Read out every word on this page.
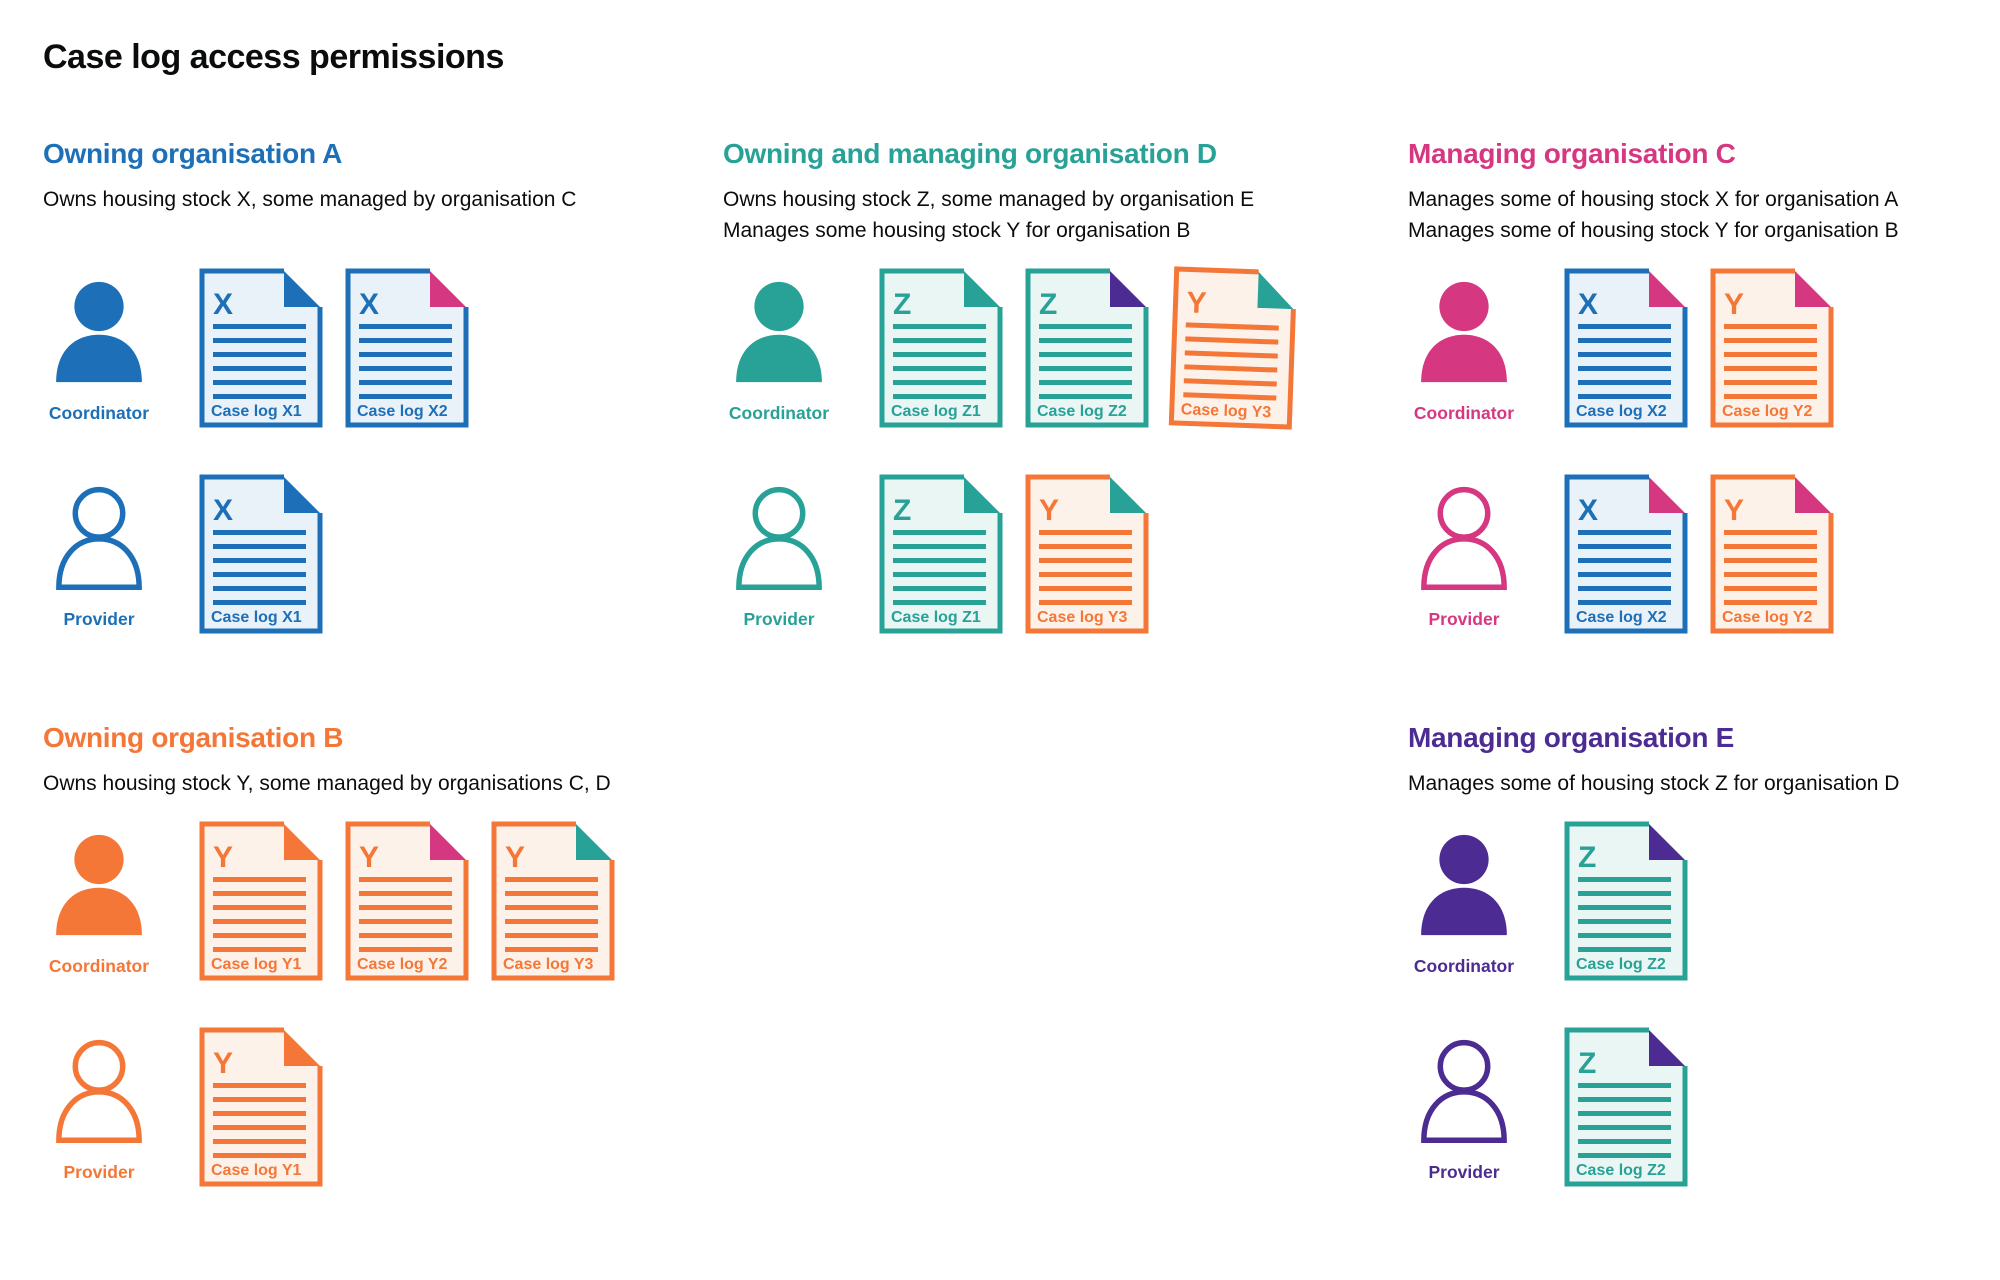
Case log access permissions
Owning organisation A

Owns housing stock X, some managed by organisation C

Coordinator
X
Case log X1
X
Case log X2
Provider
X
Case log X1
Owning and managing organisation D

Owns housing stock Z, some managed by organisation E

Manages some housing stock Y for organisation B

Coordinator
Z
Case log Z1
Z
Case log Z2
Y
Case log Y3
Provider
Z
Case log Z1
Y
Case log Y3
Managing organisation C

Manages some of housing stock X for organisation A

Manages some of housing stock Y for organisation B

Coordinator
X
Case log X2
Y
Case log Y2
Provider
X
Case log X2
Y
Case log Y2
Owning organisation B

Owns housing stock Y, some managed by organisations C, D

Coordinator
Y
Case log Y1
Y
Case log Y2
Y
Case log Y3
Provider
Y
Case log Y1
Managing organisation E

Manages some of housing stock Z for organisation D

Coordinator
Z
Case log Z2
Provider
Z
Case log Z2
